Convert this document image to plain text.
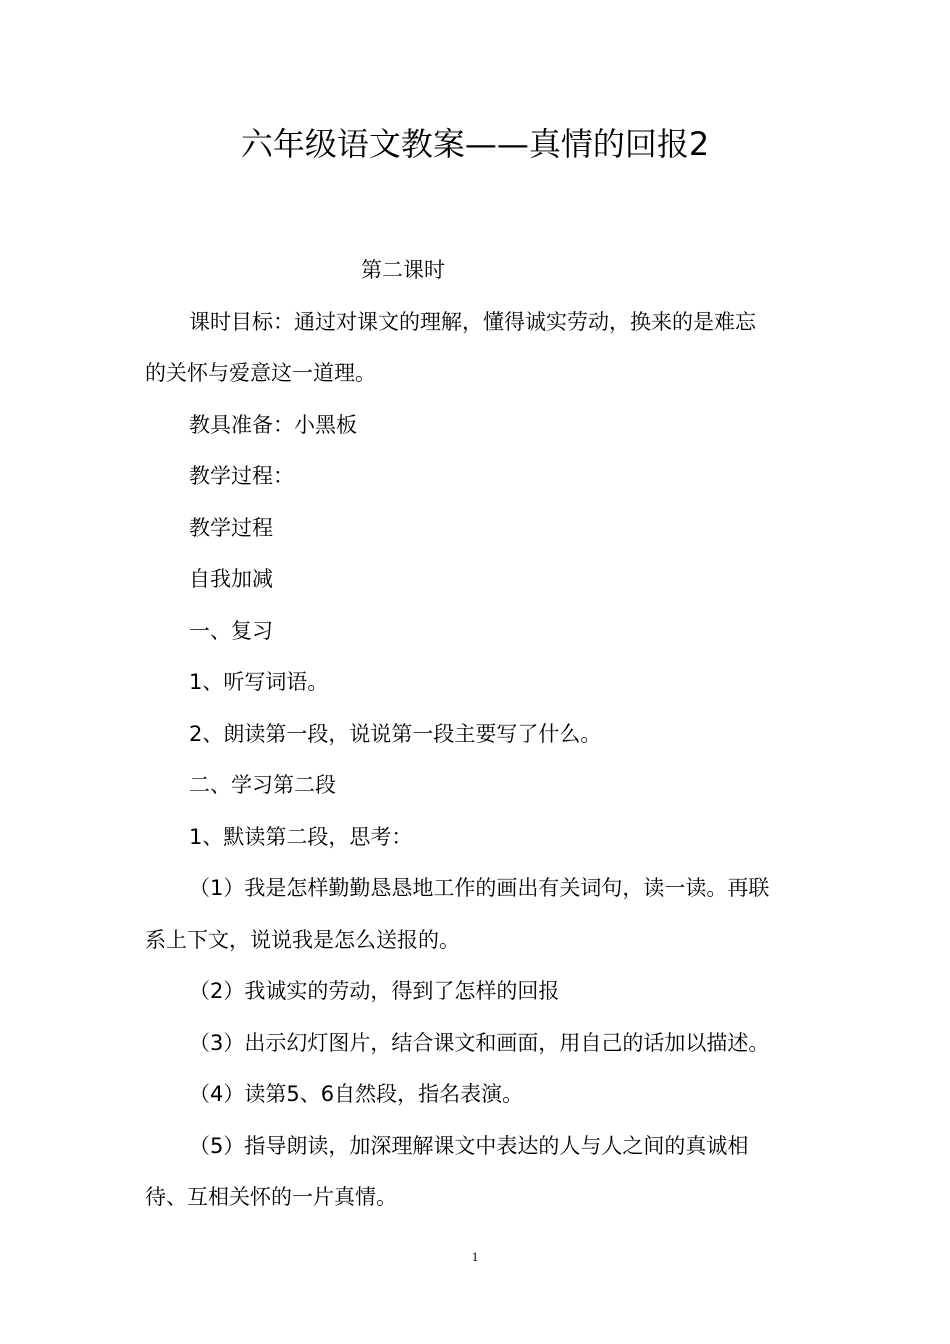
六年级语文教案——真情的回报2

第二课时

课时目标：通过对课文的理解，懂得诚实劳动，换来的是难忘

的关怀与爱意这一道理。

教具准备：小黑板

教学过程：

教学过程

自我加减

一、复习

1、听写词语。

2、朗读第一段，说说第一段主要写了什么。

二、学习第二段

1、默读第二段，思考：

（1）我是怎样勤勤恳恳地工作的画出有关词句，读一读。再联

系上下文，说说我是怎么送报的。

（2）我诚实的劳动，得到了怎样的回报

（3）出示幻灯图片，结合课文和画面，用自己的话加以描述。

（4）读第5、6自然段，指名表演。

（5）指导朗读，加深理解课文中表达的人与人之间的真诚相

待、互相关怀的一片真情。

1
